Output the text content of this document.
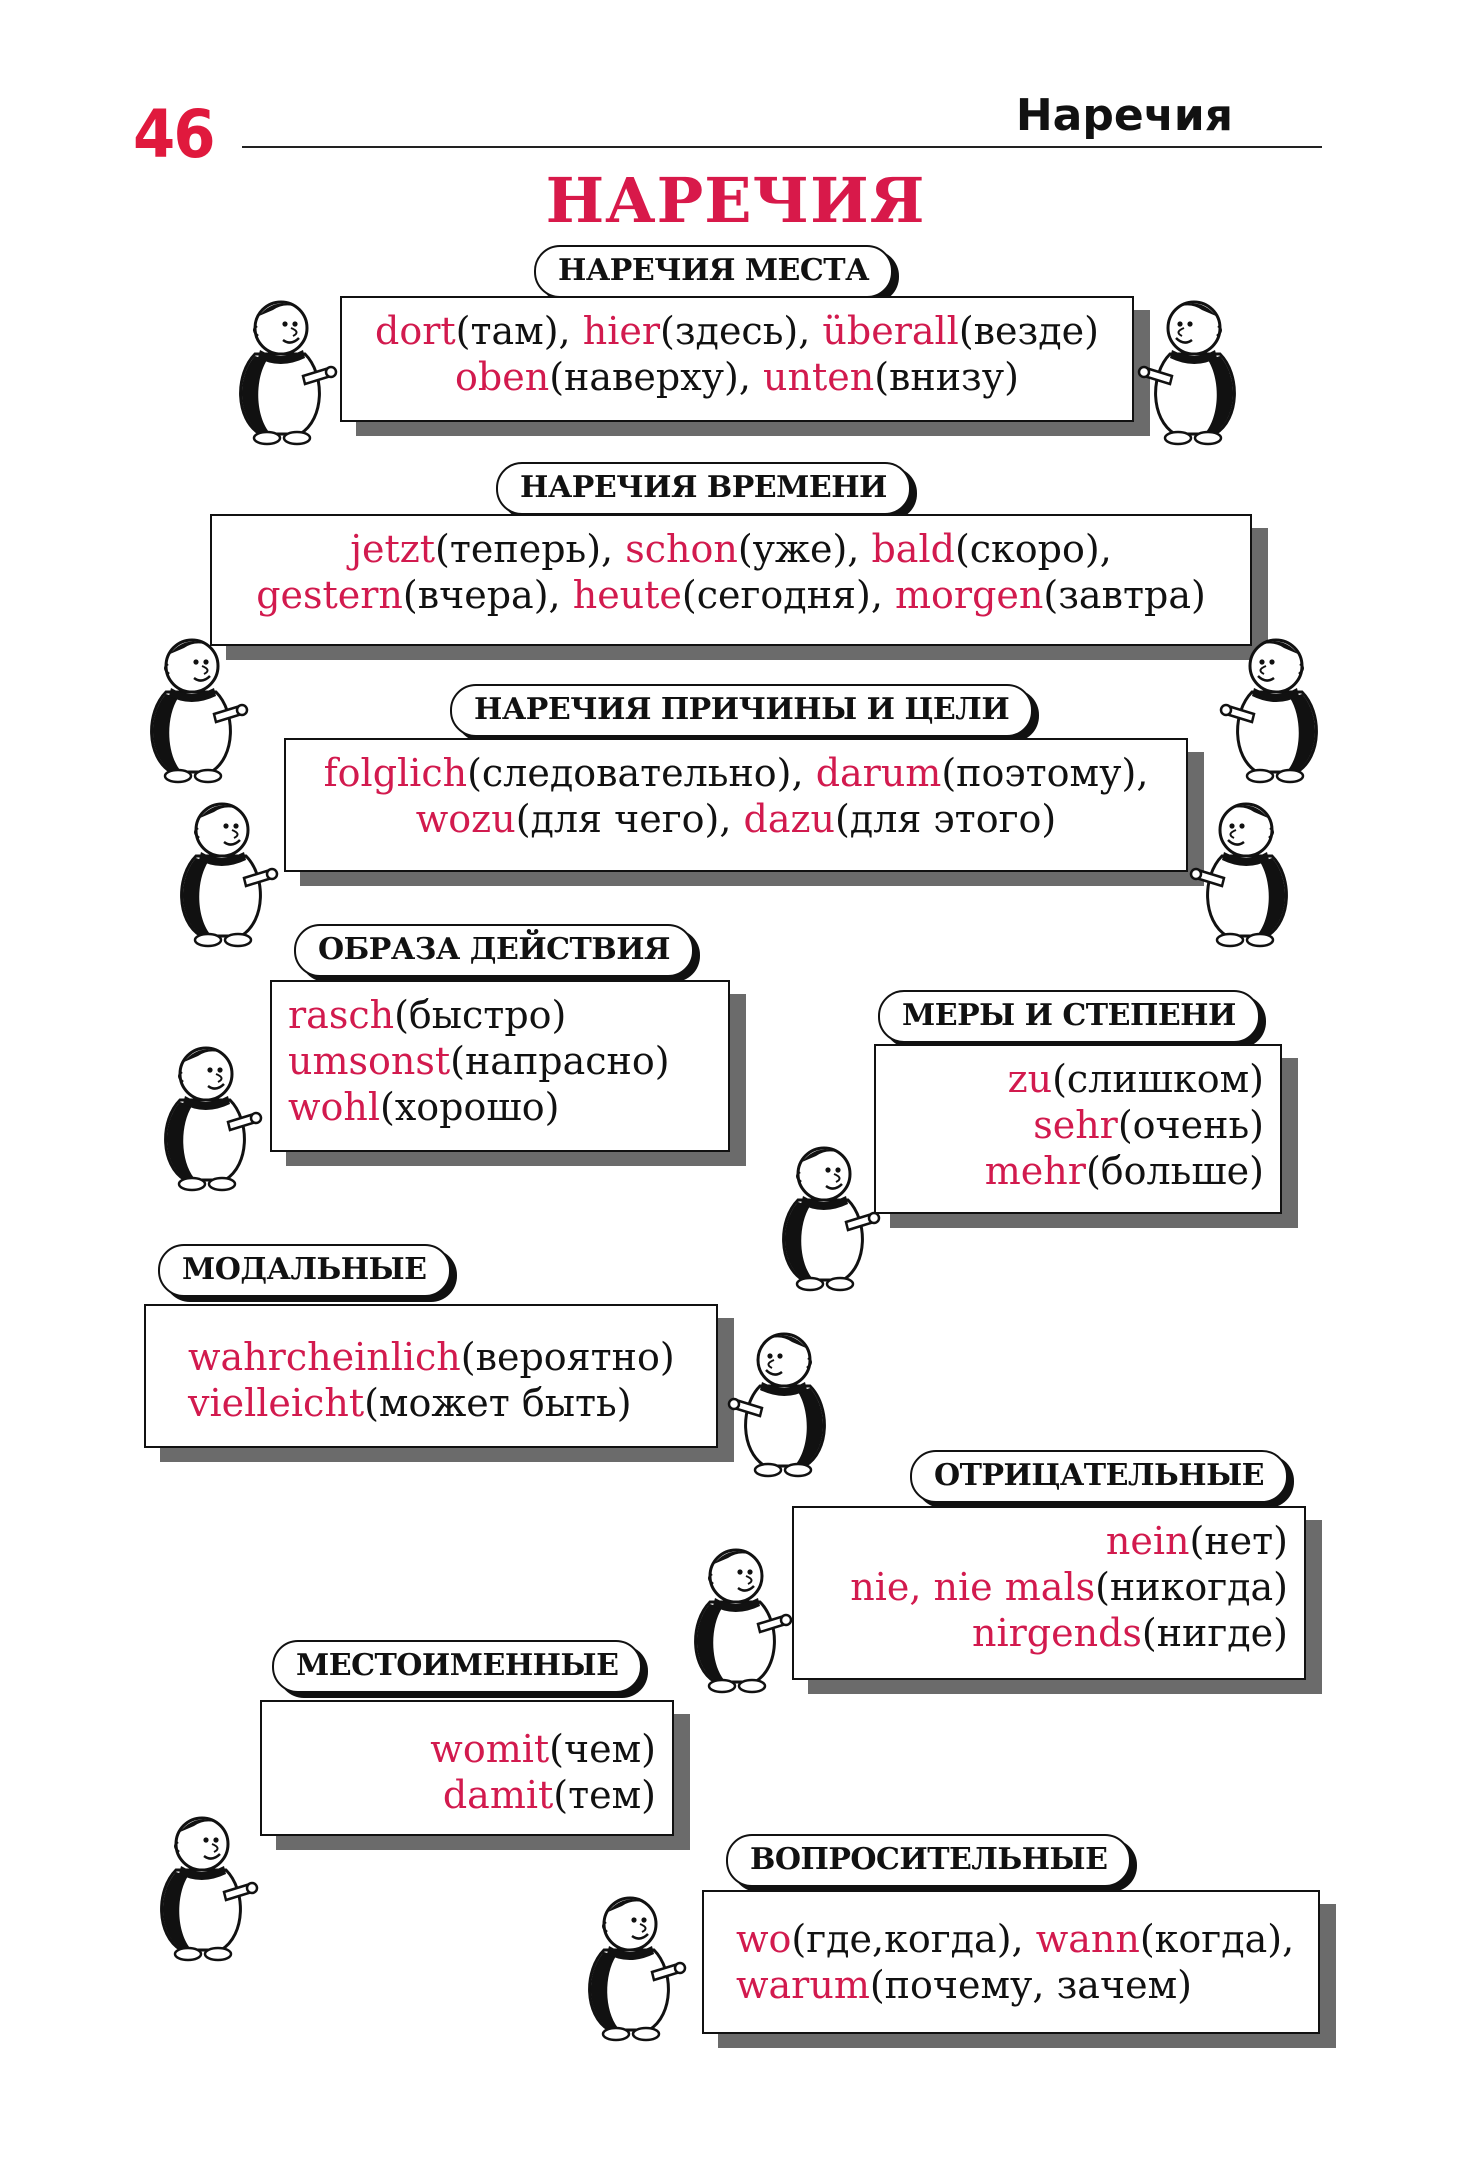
46	Наречия
НАРЕЧИЯ
НАРЕЧИЯ МЕСТА
dort(там), hier(здесь), überall(везде)
oben(наверху), unten(внизу)
НАРЕЧИЯ ВРЕМЕНИ
jetzt(теперь), schon(уже), bald(скоро),
gestern(вчера), heute(сегодня), morgen(завтра)
НАРЕЧИЯ ПРИЧИНЫ И ЦЕЛИ
folglich(следовательно), darum(поэтому),
wozu(для чего), dazu(для этого)
ОБРАЗА ДЕЙСТВИЯ
rasch(быстро)
umsonst(напрасно)
wohl(хорошо)
МЕРЫ И СТЕПЕНИ
zu(слишком)
sehr(очень)
mehr(больше)
МОДАЛЬНЫЕ
wahrcheinlich(вероятно)
vielleicht(может быть)
ОТРИЦАТЕЛЬНЫЕ
nein(нет)
nie, nie mals(никогда)
nirgends(нигде)
МЕСТОИМЕННЫЕ
womit(чем)
damit(тем)
ВОПРОСИТЕЛЬНЫЕ
wo(где,когда), wann(когда),
warum(почему, зачем)
